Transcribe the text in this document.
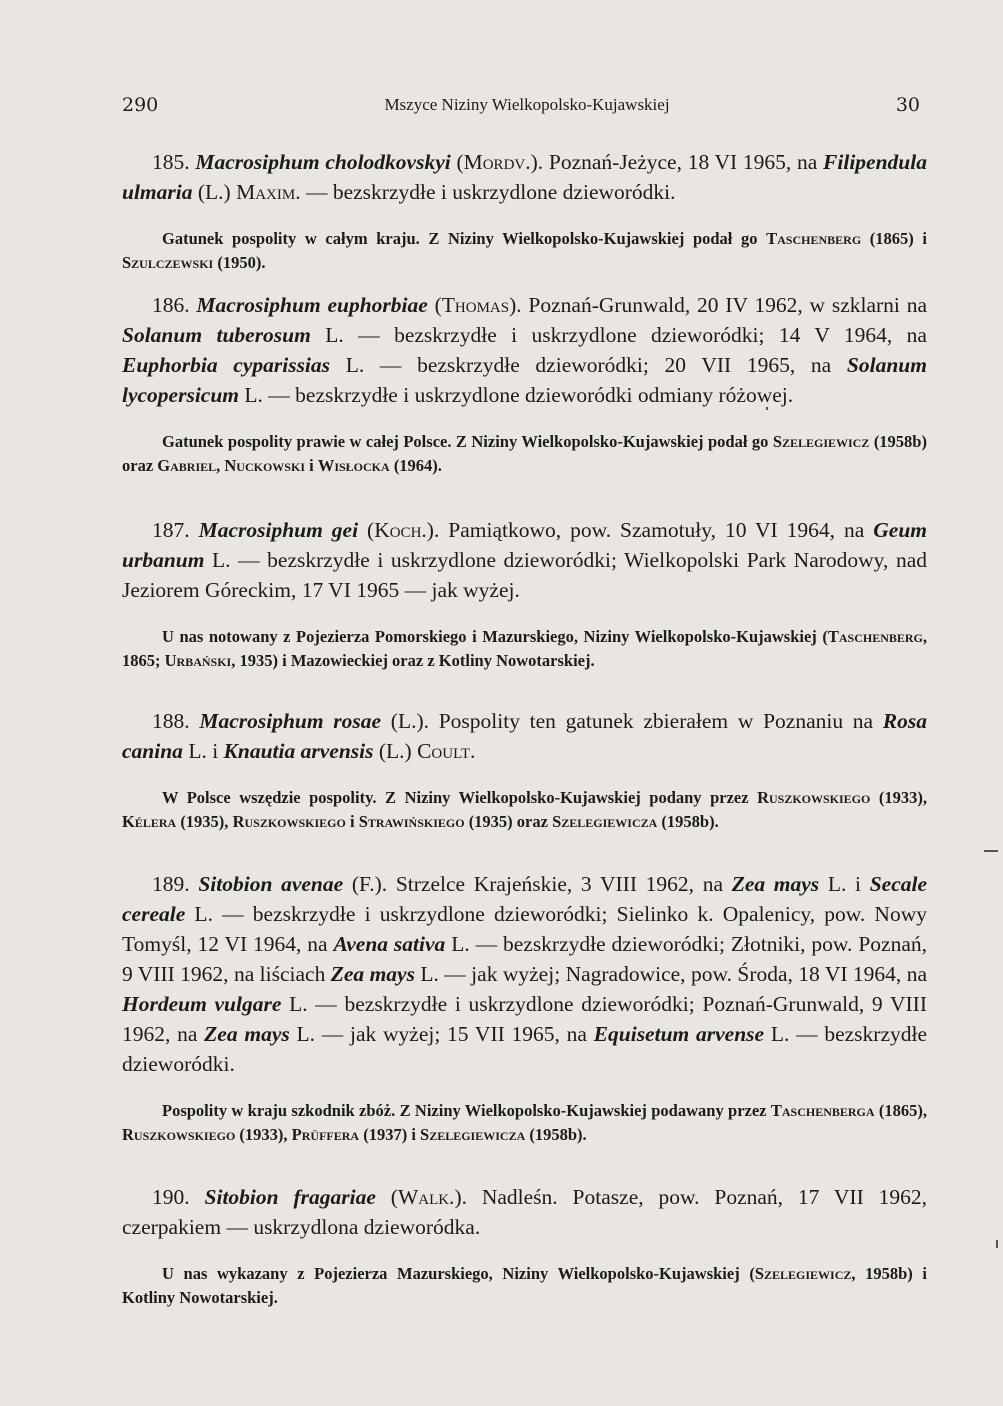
290	Mszyce Niziny Wielkopolsko-Kujawskiej	30

185. Macrosiphum cholodkovskyi (Mordv.). Poznań-Jeżyce, 18 VI 1965, na Filipendula ulmaria (L.) Maxim. — bezskrzydłe i uskrzydlone dzieworódki.

Gatunek pospolity w całym kraju. Z Niziny Wielkopolsko-Kujawskiej podał go Taschenberg (1865) i Szulczewski (1950).

186. Macrosiphum euphorbiae (Thomas). Poznań-Grunwald, 20 IV 1962, w szklarni na Solanum tuberosum L. — bezskrzydłe i uskrzydlone dzieworódki; 14 V 1964, na Euphorbia cyparissias L. — bezskrzydłe dzieworódki; 20 VII 1965, na Solanum lycopersicum L. — bezskrzydłe i uskrzydlone dzieworódki odmiany różowej.

Gatunek pospolity prawie w całej Polsce. Z Niziny Wielkopolsko-Kujawskiej podał go Szelegiewicz (1958b) oraz Gabriel, Nuckowski i Wisłocka (1964).

187. Macrosiphum gei (Koch.). Pamiątkowo, pow. Szamotuły, 10 VI 1964, na Geum urbanum L. — bezskrzydłe i uskrzydlone dzieworódki; Wielkopolski Park Narodowy, nad Jeziorem Góreckim, 17 VI 1965 — jak wyżej.

U nas notowany z Pojezierza Pomorskiego i Mazurskiego, Niziny Wielkopolsko-Kujawskiej (Taschenberg, 1865; Urbański, 1935) i Mazowieckiej oraz z Kotliny Nowotarskiej.

188. Macrosiphum rosae (L.). Pospolity ten gatunek zbierałem w Poznaniu na Rosa canina L. i Knautia arvensis (L.) Coult.

W Polsce wszędzie pospolity. Z Niziny Wielkopolsko-Kujawskiej podany przez Ruszkowskiego (1933), Kélera (1935), Ruszkowskiego i Strawińskiego (1935) oraz Szelegiewicza (1958b).

189. Sitobion avenae (F.). Strzelce Krajeńskie, 3 VIII 1962, na Zea mays L. i Secale cereale L. — bezskrzydłe i uskrzydlone dzieworódki; Sielinko k. Opalenicy, pow. Nowy Tomyśl, 12 VI 1964, na Avena sativa L. — bezskrzydłe dzieworódki; Złotniki, pow. Poznań, 9 VIII 1962, na liściach Zea mays L. — jak wyżej; Nagradowice, pow. Środa, 18 VI 1964, na Hordeum vulgare L. — bezskrzydłe i uskrzydlone dzieworódki; Poznań-Grunwald, 9 VIII 1962, na Zea mays L. — jak wyżej; 15 VII 1965, na Equisetum arvense L. — bezskrzydłe dzieworódki.

Pospolity w kraju szkodnik zbóż. Z Niziny Wielkopolsko-Kujawskiej podawany przez Taschenberga (1865), Ruszkowskiego (1933), Prüffera (1937) i Szelegiewicza (1958b).

190. Sitobion fragariae (Walk.). Nadleśn. Potasze, pow. Poznań, 17 VII 1962, czerpakiem — uskrzydlona dzieworódka.

U nas wykazany z Pojezierza Mazurskiego, Niziny Wielkopolsko-Kujawskiej (Szelegiewicz, 1958b) i Kotliny Nowotarskiej.
